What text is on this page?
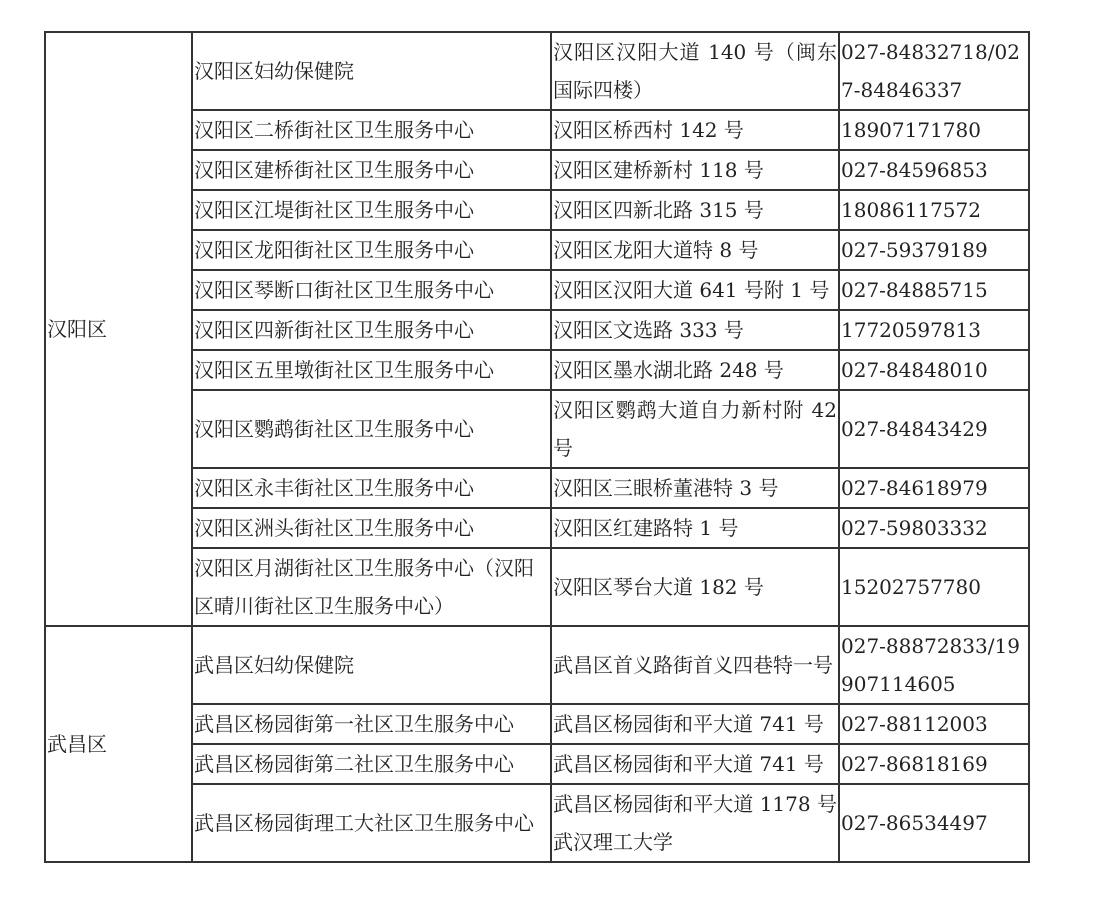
汉阳区	汉阳区妇幼保健院	汉阳区汉阳大道 140 号（闽东国际四楼）	027-84832718/027-84846337
	汉阳区二桥街社区卫生服务中心	汉阳区桥西村 142 号	18907171780
	汉阳区建桥街社区卫生服务中心	汉阳区建桥新村 118 号	027-84596853
	汉阳区江堤街社区卫生服务中心	汉阳区四新北路 315 号	18086117572
	汉阳区龙阳街社区卫生服务中心	汉阳区龙阳大道特 8 号	027-59379189
	汉阳区琴断口街社区卫生服务中心	汉阳区汉阳大道 641 号附 1 号	027-84885715
	汉阳区四新街社区卫生服务中心	汉阳区文选路 333 号	17720597813
	汉阳区五里墩街社区卫生服务中心	汉阳区墨水湖北路 248 号	027-84848010
	汉阳区鹦鹉街社区卫生服务中心	汉阳区鹦鹉大道自力新村附 42 号	027-84843429
	汉阳区永丰街社区卫生服务中心	汉阳区三眼桥董港特 3 号	027-84618979
	汉阳区洲头街社区卫生服务中心	汉阳区红建路特 1 号	027-59803332
	汉阳区月湖街社区卫生服务中心（汉阳区晴川街社区卫生服务中心）	汉阳区琴台大道 182 号	15202757780
武昌区	武昌区妇幼保健院	武昌区首义路街首义四巷特一号	027-88872833/19907114605
	武昌区杨园街第一社区卫生服务中心	武昌区杨园街和平大道 741 号	027-88112003
	武昌区杨园街第二社区卫生服务中心	武昌区杨园街和平大道 741 号	027-86818169
	武昌区杨园街理工大社区卫生服务中心	武昌区杨园街和平大道 1178 号武汉理工大学	027-86534497
